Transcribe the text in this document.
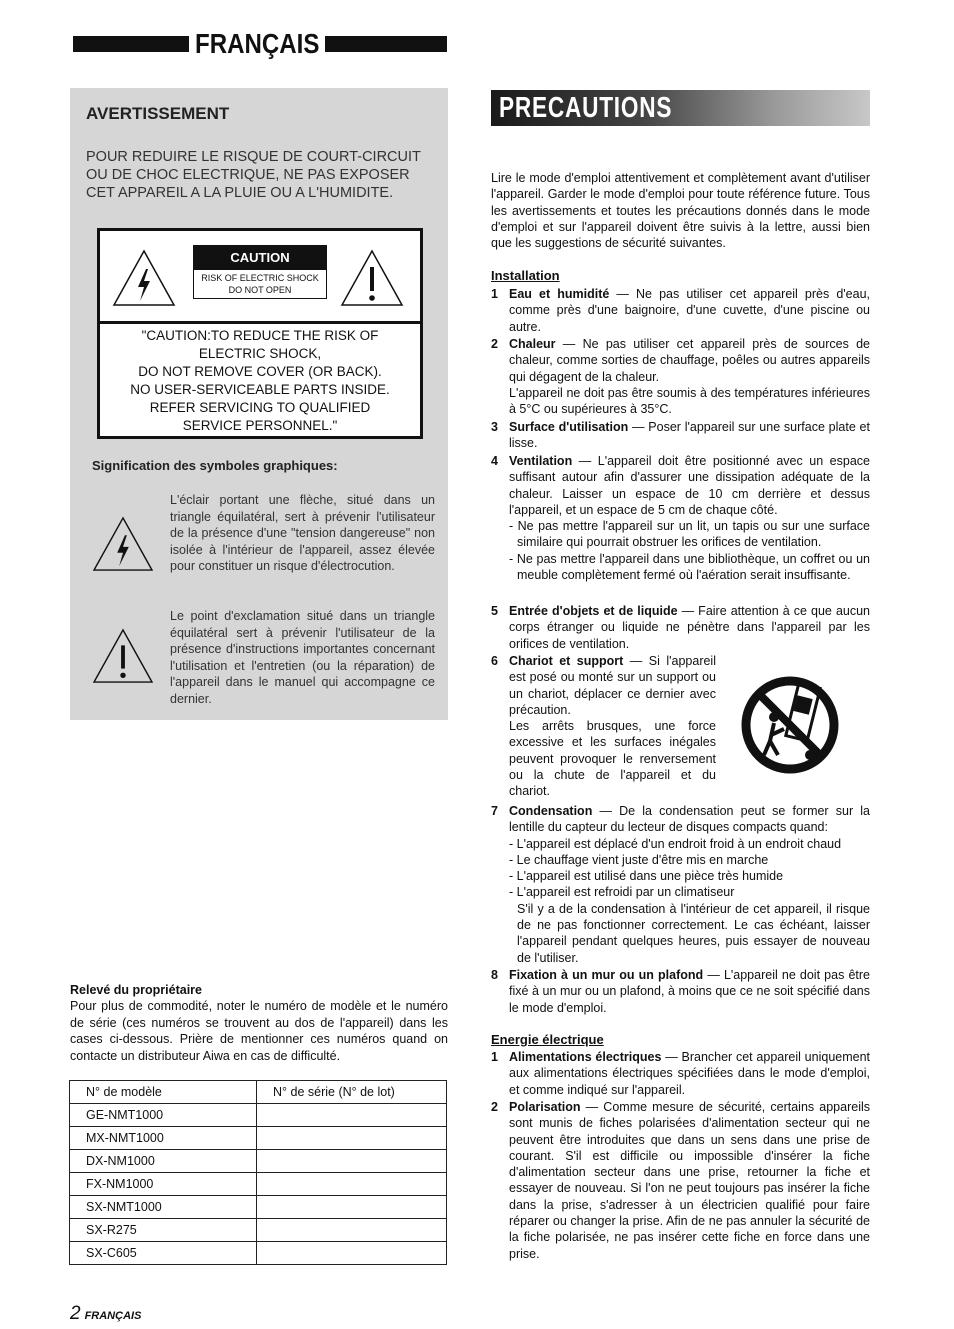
FRANÇAIS
AVERTISSEMENT
POUR REDUIRE LE RISQUE DE COURT-CIRCUIT OU DE CHOC ELECTRIQUE, NE PAS EXPOSER CET APPAREIL A LA PLUIE OU A L'HUMIDITE.
CAUTION
RISK OF ELECTRIC SHOCK
DO NOT OPEN
"CAUTION:TO REDUCE THE RISK OF
ELECTRIC SHOCK,
DO NOT REMOVE COVER (OR BACK).
NO USER-SERVICEABLE PARTS INSIDE.
REFER SERVICING TO QUALIFIED
SERVICE PERSONNEL."
Signification des symboles graphiques:
L'éclair portant une flèche, situé dans un triangle équilatéral, sert à prévenir l'utilisateur de la présence d'une "tension dangereuse" non isolée à l'intérieur de l'appareil, assez élevée pour constituer un risque d'électrocution.
Le point d'exclamation situé dans un triangle équilatéral sert à prévenir l'utilisateur de la présence d'instructions importantes concernant l'utilisation et l'entretien (ou la réparation) de l'appareil dans le manuel qui accompagne ce dernier.
Relevé du propriétaire
Pour plus de commodité, noter le numéro de modèle et le numéro de série (ces numéros se trouvent au dos de l'appareil) dans les cases ci-dessous. Prière de mentionner ces numéros quand on contacte un distributeur Aiwa en cas de difficulté.
N° de modèle	N° de série (N° de lot)
GE-NMT1000	
MX-NMT1000	
DX-NM1000	
FX-NM1000	
SX-NMT1000	
SX-R275	
SX-C605	
2 FRANÇAIS
PRECAUTIONS
Lire le mode d'emploi attentivement et complètement avant d'utiliser l'appareil. Garder le mode d'emploi pour toute référence future. Tous les avertissements et toutes les précautions donnés dans le mode d'emploi et sur l'appareil doivent être suivis à la lettre, aussi bien que les suggestions de sécurité suivantes.
Installation
1 Eau et humidité — Ne pas utiliser cet appareil près d'eau, comme près d'une baignoire, d'une cuvette, d'une piscine ou autre.
2 Chaleur — Ne pas utiliser cet appareil près de sources de chaleur, comme sorties de chauffage, poêles ou autres appareils qui dégagent de la chaleur.
L'appareil ne doit pas être soumis à des températures inférieures à 5°C ou supérieures à 35°C.
3 Surface d'utilisation — Poser l'appareil sur une surface plate et lisse.
4 Ventilation — L'appareil doit être positionné avec un espace suffisant autour afin d'assurer une dissipation adéquate de la chaleur. Laisser un espace de 10 cm derrière et dessus l'appareil, et un espace de 5 cm de chaque côté.
- Ne pas mettre l'appareil sur un lit, un tapis ou sur une surface similaire qui pourrait obstruer les orifices de ventilation.
- Ne pas mettre l'appareil dans une bibliothèque, un coffret ou un meuble complètement fermé où l'aération serait insuffisante.
5 Entrée d'objets et de liquide — Faire attention à ce que aucun corps étranger ou liquide ne pénètre dans l'appareil par les orifices de ventilation.
6 Chariot et support — Si l'appareil est posé ou monté sur un support ou un chariot, déplacer ce dernier avec précaution.
Les arrêts brusques, une force excessive et les surfaces inégales peuvent provoquer le renversement ou la chute de l'appareil et du chariot.
7 Condensation — De la condensation peut se former sur la lentille du capteur du lecteur de disques compacts quand:
- L'appareil est déplacé d'un endroit froid à un endroit chaud
- Le chauffage vient juste d'être mis en marche
- L'appareil est utilisé dans une pièce très humide
- L'appareil est refroidi par un climatiseur
S'il y a de la condensation à l'intérieur de cet appareil, il risque de ne pas fonctionner correctement. Le cas échéant, laisser l'appareil pendant quelques heures, puis essayer de nouveau de l'utiliser.
8 Fixation à un mur ou un plafond — L'appareil ne doit pas être fixé à un mur ou un plafond, à moins que ce ne soit spécifié dans le mode d'emploi.
Energie électrique
1 Alimentations électriques — Brancher cet appareil uniquement aux alimentations électriques spécifiées dans le mode d'emploi, et comme indiqué sur l'appareil.
2 Polarisation — Comme mesure de sécurité, certains appareils sont munis de fiches polarisées d'alimentation secteur qui ne peuvent être introduites que dans un sens dans une prise de courant. S'il est difficile ou impossible d'insérer la fiche d'alimentation secteur dans une prise, retourner la fiche et essayer de nouveau. Si l'on ne peut toujours pas insérer la fiche dans la prise, s'adresser à un électricien qualifié pour faire réparer ou changer la prise. Afin de ne pas annuler la sécurité de la fiche polarisée, ne pas insérer cette fiche en force dans une prise.
